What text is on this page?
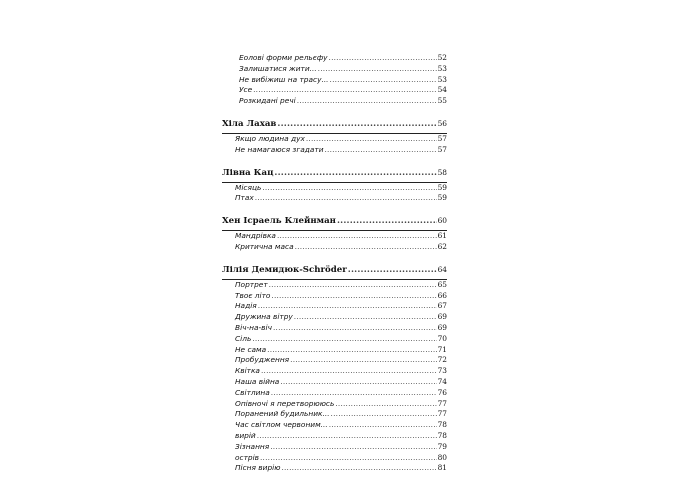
Еолові форми рельєфу .....	52
Залишатися жити... .....	53
Не вибіжиш на трасу... .....	53
Усе .....	54
Розкидані речі .....	55
Хіла Лахав .....	56
Якщо людина дух .....	57
Не намагаюся згадати .....	57
Лівна Кац .....	58
Місяць .....	59
Птах .....	59
Хен Ісраель Клейнман .....	60
Мандрівка .....	61
Критична маса .....	62
Лілія Демидюк-Schröder .....	64
Портрет .....	65
Твоє літо .....	66
Надія .....	67
Дружина вітру .....	69
Віч-на-віч .....	69
Сіль .....	70
Не сама .....	71
Пробудження .....	72
Квітка .....	73
Наша війна .....	74
Світлина .....	76
Опівночі я перетворююсь .....	77
Поранений будильник... .....	77
Час світлом червоним... .....	78
вирій .....	78
Зізнання .....	79
острів .....	80
Пісня вирію .....	81
